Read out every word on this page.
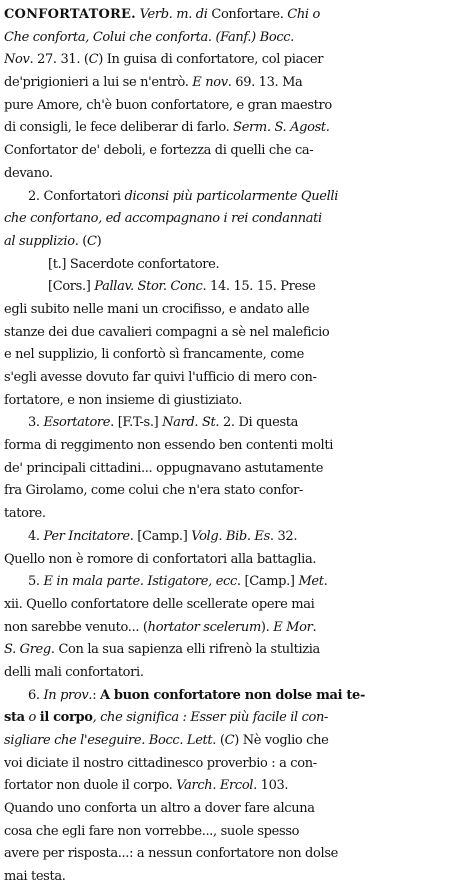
CONFORTATORE. Verb. m. di Confortare. Chi o
Che conforta, Colui che conforta. (Fanf.) Bocc.
Nov. 27. 31. (C) In guisa di confortatore, col piacer
de'prigionieri a lui se n'entrò. E nov. 69. 13. Ma
pure Amore, ch'è buon confortatore, e gran maestro
di consigli, le fece deliberar di farlo. Serm. S. Agost.
Confortator de' deboli, e fortezza di quelli che ca-
devano.
2. Confortatori diconsi più particolarmente Quelli
che confortano, ed accompagnano i rei condannati
al supplizio. (C)
[t.] Sacerdote confortatore.
[Cors.] Pallav. Stor. Conc. 14. 15. 15. Prese
egli subito nelle mani un crocifisso, e andato alle
stanze dei due cavalieri compagni a sè nel maleficio
e nel supplizio, li confortò sì francamente, come
s'egli avesse dovuto far quivi l'ufficio di mero con-
fortatore, e non insieme di giustiziato.
3. Esortatore. [F.T-s.] Nard. St. 2. Di questa
forma di reggimento non essendo ben contenti molti
de' principali cittadini... oppugnavano astutamente
fra Girolamo, come colui che n'era stato confor-
tatore.
4. Per Incitatore. [Camp.] Volg. Bib. Es. 32.
Quello non è romore di confortatori alla battaglia.
5. E in mala parte. Istigatore, ecc. [Camp.] Met.
xii. Quello confortatore delle scellerate opere mai
non sarebbe venuto... (hortator scelerum). E Mor.
S. Greg. Con la sua sapienza elli rifrenò la stultizia
delli mali confortatori.
6. In prov.: A buon confortatore non dolse mai te-
sta o il corpo, che significa : Esser più facile il con-
sigliare che l'eseguire. Bocc. Lett. (C) Nè voglio che
voi diciate il nostro cittadinesco proverbio : a con-
fortator non duole il corpo. Varch. Ercol. 103.
Quando uno conforta un altro a dover fare alcuna
cosa che egli fare non vorrebbe..., suole spesso
avere per risposta...: a nessun confortatore non dolse
mai testa.
